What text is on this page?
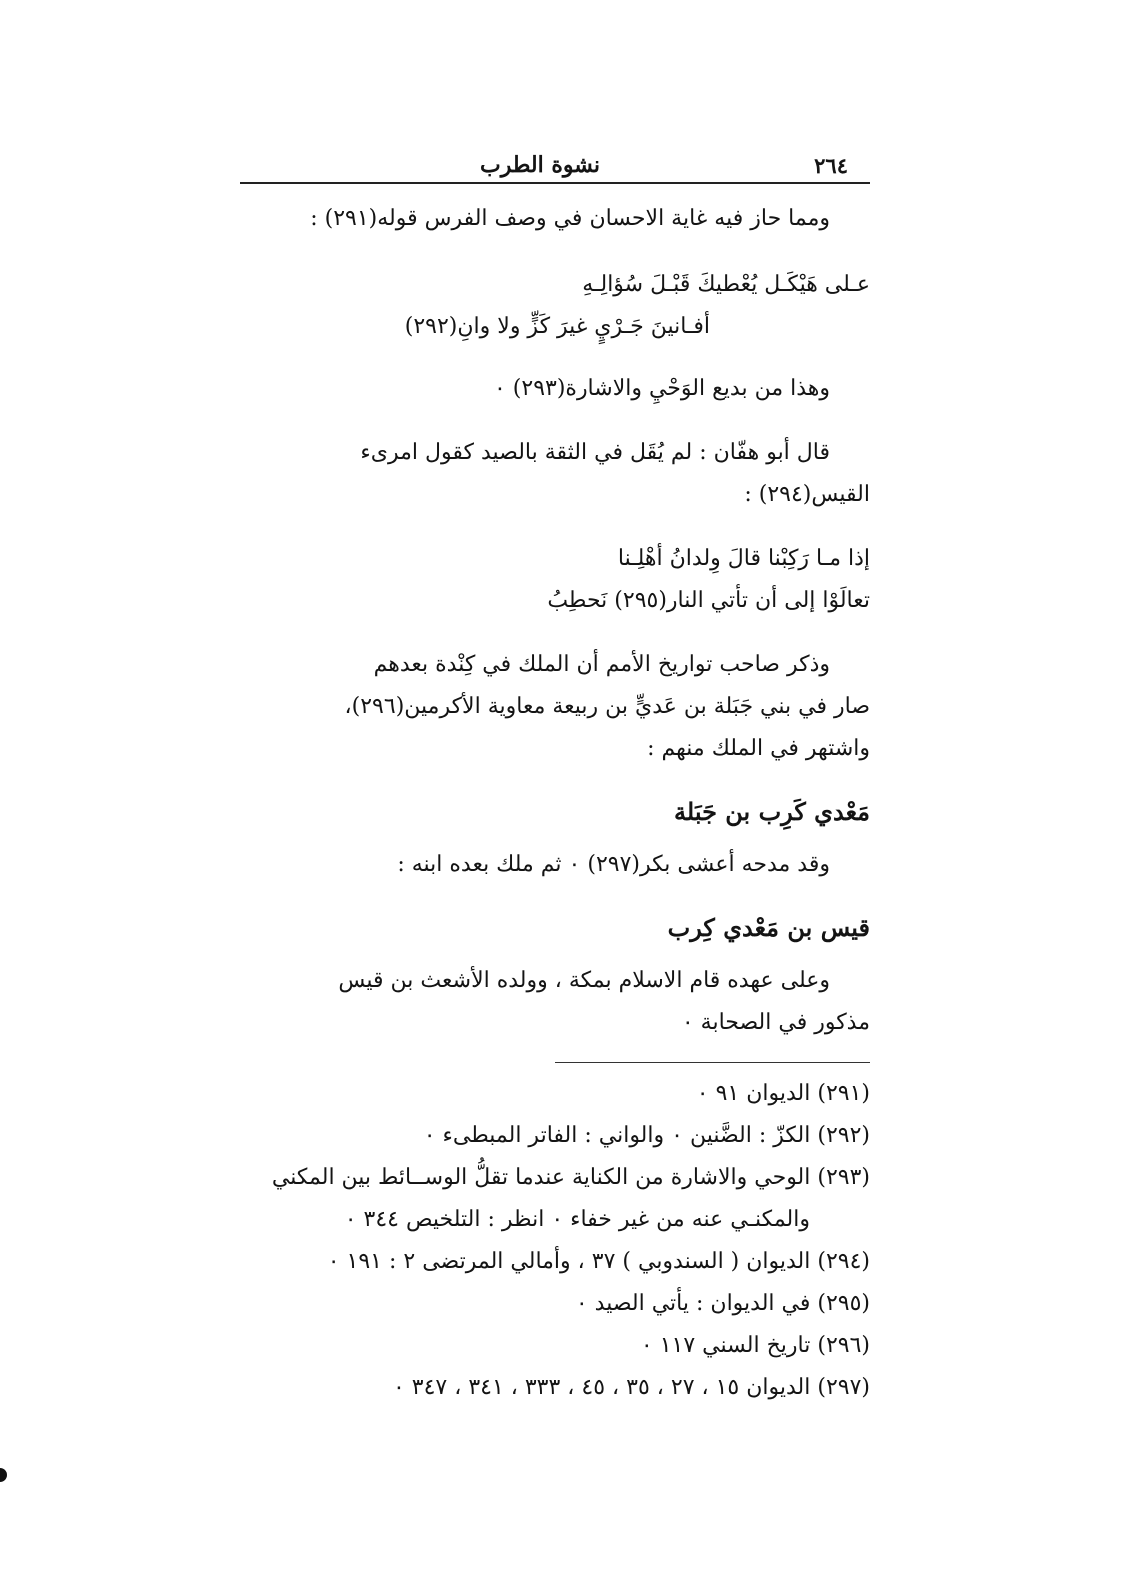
٢٦٤
نشوة الطرب

ومما حاز فيه غاية الاحسان في وصف الفرس قوله(٢٩١) :

عـلى هَيْكَـل يُعْطيكَ قَبْـلَ سُؤالِـهِ
أفـانينَ جَـرْيٍ غيرَ كَزٍّ ولا وانِ(٢٩٢)

وهذا من بديع الوَحْيِ والاشارة(٢٩٣) ٠

قال أبو هفّان : لم يُقَل في الثقة بالصيد كقول امرىء

القيس(٢٩٤) :

إذا مـا رَكِبْنا قالَ وِلدانُ أهْلِـنا
تعالَوْا إلى أن تأتي النار(٢٩٥) نَحطِبُ

وذكر صاحب تواريخ الأمم أن الملك في كِنْدة بعدهم

صار في بني جَبَلة بن عَديٍّ بن ربيعة معاوية الأكرمين(٢٩٦)،

واشتهر في الملك منهم :

مَعْدي كَرِب بن جَبَلة

وقد مدحه أعشى بكر(٢٩٧) ٠ ثم ملك بعده ابنه :

قيس بن مَعْدي كِرب

وعلى عهده قام الاسلام بمكة ، وولده الأشعث بن قيس

مذكور في الصحابة ٠

(٢٩١) الديوان ٩١ ٠

(٢٩٢) الكزّ : الضَّنين ٠ والواني : الفاتر المبطىء ٠

(٢٩٣) الوحي والاشارة من الكناية عندما تقلُّ الوســائط بين المكني

والمكنـي عنه من غير خفاء ٠ انظر : التلخيص ٣٤٤ ٠

(٢٩٤) الديوان ( السندوبي ) ٣٧ ، وأمالي المرتضى ٢ : ١٩١ ٠

(٢٩٥) في الديوان : يأتي الصيد ٠

(٢٩٦) تاريخ السني ١١٧ ٠

(٢٩٧) الديوان ١٥ ، ٢٧ ، ٣٥ ، ٤٥ ، ٣٣٣ ، ٣٤١ ، ٣٤٧ ٠
